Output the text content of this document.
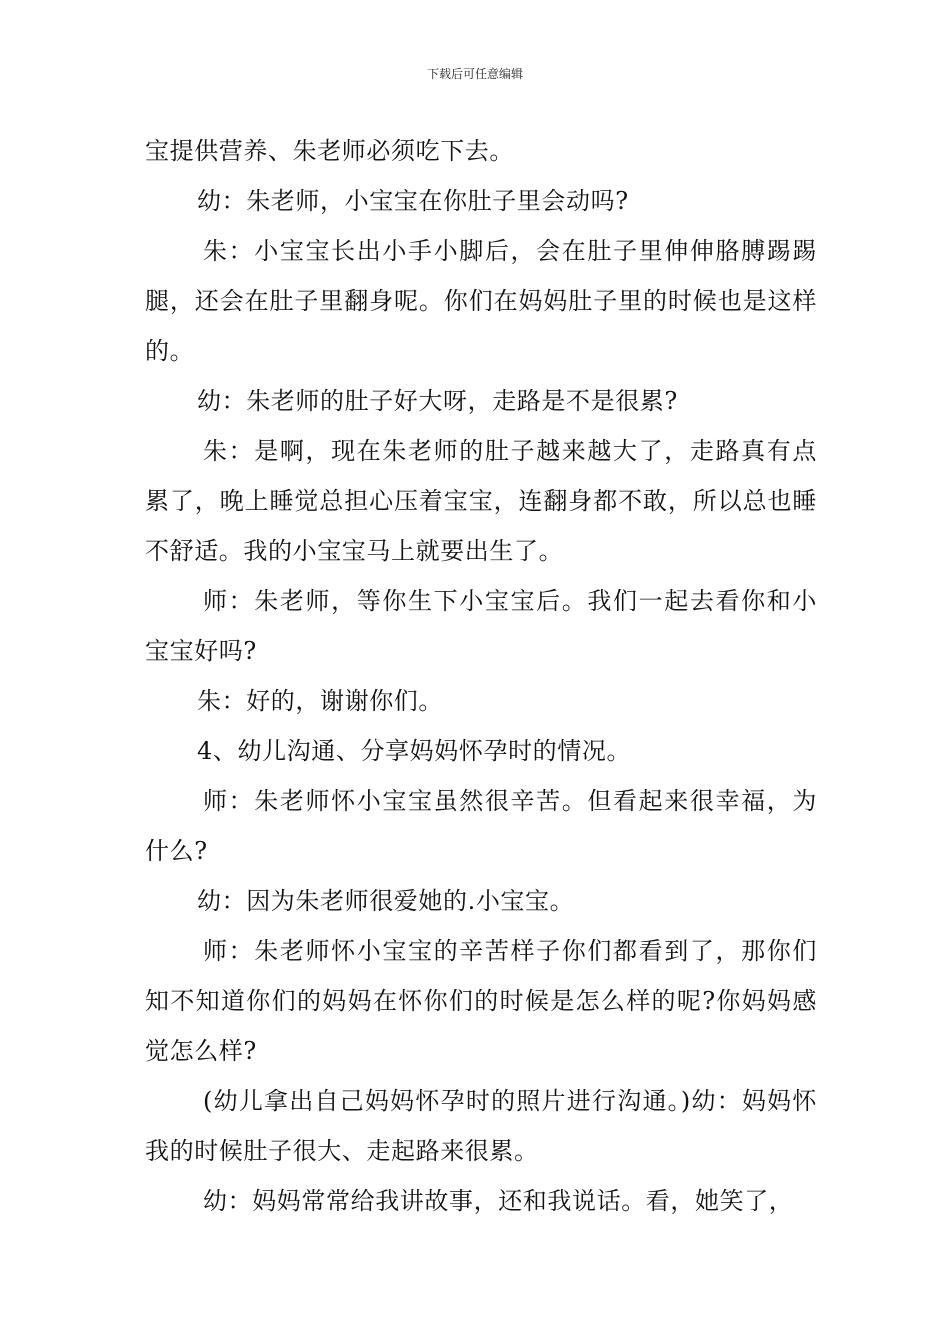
下载后可任意编辑

宝提供营养、朱老师必须吃下去。

幼：朱老师，小宝宝在你肚子里会动吗?

朱：小宝宝长出小手小脚后，会在肚子里伸伸胳膊踢踢腿，还会在肚子里翻身呢。你们在妈妈肚子里的时候也是这样的。

幼：朱老师的肚子好大呀，走路是不是很累?

朱：是啊，现在朱老师的肚子越来越大了，走路真有点累了，晚上睡觉总担心压着宝宝，连翻身都不敢，所以总也睡不舒适。我的小宝宝马上就要出生了。

师：朱老师，等你生下小宝宝后。我们一起去看你和小宝宝好吗?

朱：好的，谢谢你们。

4、幼儿沟通、分享妈妈怀孕时的情况。

师：朱老师怀小宝宝虽然很辛苦。但看起来很幸福，为什么?

幼：因为朱老师很爱她的.小宝宝。

师：朱老师怀小宝宝的辛苦样子你们都看到了，那你们知不知道你们的妈妈在怀你们的时候是怎么样的呢?你妈妈感觉怎么样?

(幼儿拿出自己妈妈怀孕时的照片进行沟通。)幼：妈妈怀我的时候肚子很大、走起路来很累。

幼：妈妈常常给我讲故事，还和我说话。看，她笑了，
